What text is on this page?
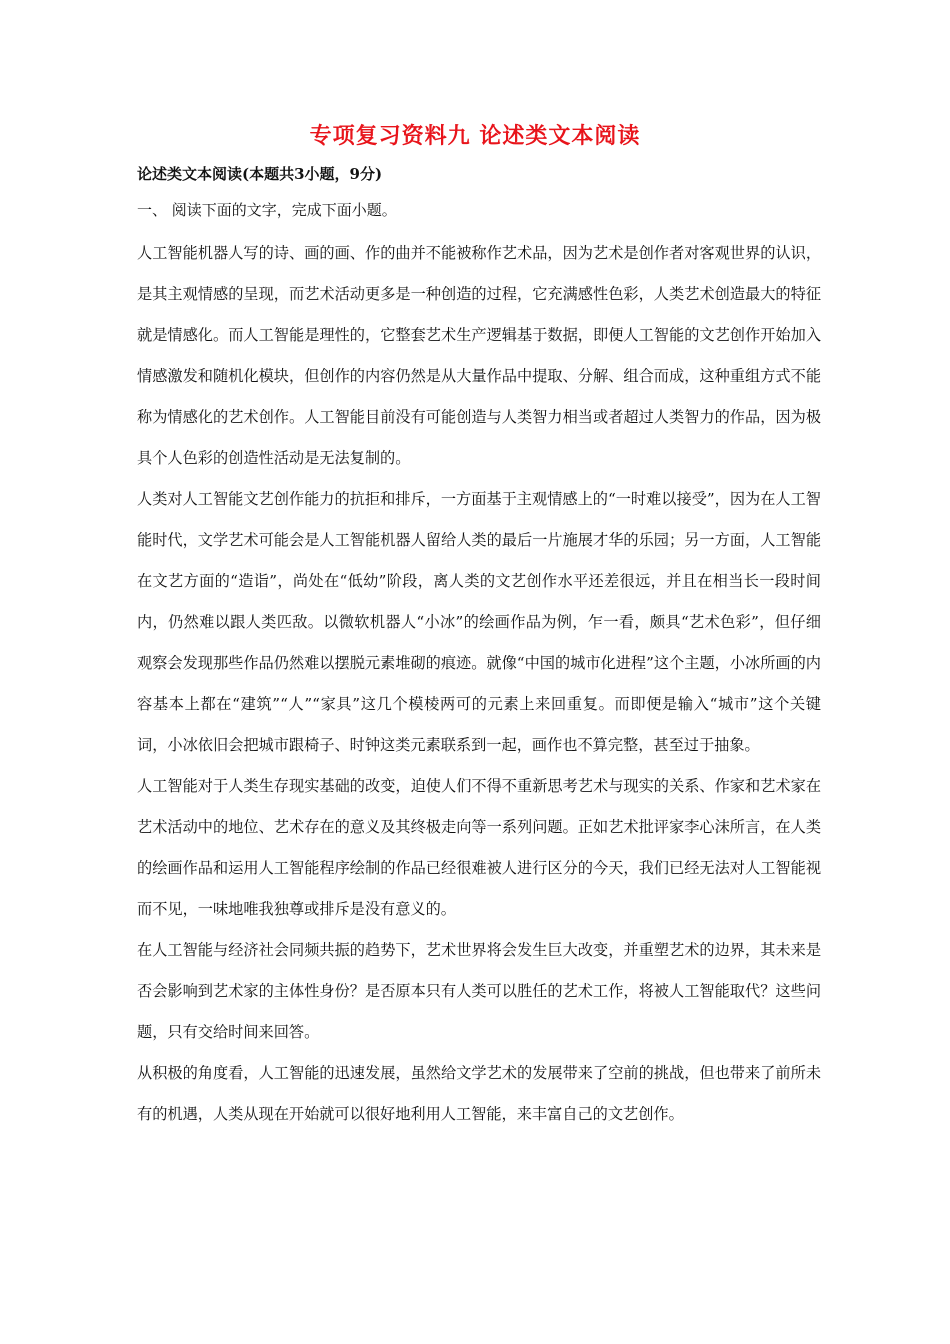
专项复习资料九 论述类文本阅读
论述类文本阅读(本题共3小题，9分)
一、 阅读下面的文字，完成下面小题。

人工智能机器人写的诗、画的画、作的曲并不能被称作艺术品，因为艺术是创作者对客观世界的认识，是其主观情感的呈现，而艺术活动更多是一种创造的过程，它充满感性色彩，人类艺术创造最大的特征就是情感化。而人工智能是理性的，它整套艺术生产逻辑基于数据，即便人工智能的文艺创作开始加入情感激发和随机化模块，但创作的内容仍然是从大量作品中提取、分解、组合而成，这种重组方式不能称为情感化的艺术创作。人工智能目前没有可能创造与人类智力相当或者超过人类智力的作品，因为极具个人色彩的创造性活动是无法复制的。

人类对人工智能文艺创作能力的抗拒和排斥，一方面基于主观情感上的“一时难以接受”，因为在人工智能时代，文学艺术可能会是人工智能机器人留给人类的最后一片施展才华的乐园；另一方面，人工智能在文艺方面的“造诣”，尚处在“低幼”阶段，离人类的文艺创作水平还差很远，并且在相当长一段时间内，仍然难以跟人类匹敌。以微软机器人“小冰”的绘画作品为例，乍一看，颇具“艺术色彩”，但仔细观察会发现那些作品仍然难以摆脱元素堆砌的痕迹。就像“中国的城市化进程”这个主题，小冰所画的内容基本上都在“建筑”“人”“家具”这几个模棱两可的元素上来回重复。而即便是输入“城市”这个关键词，小冰依旧会把城市跟椅子、时钟这类元素联系到一起，画作也不算完整，甚至过于抽象。

人工智能对于人类生存现实基础的改变，迫使人们不得不重新思考艺术与现实的关系、作家和艺术家在艺术活动中的地位、艺术存在的意义及其终极走向等一系列问题。正如艺术批评家李心沫所言，在人类的绘画作品和运用人工智能程序绘制的作品已经很难被人进行区分的今天，我们已经无法对人工智能视而不见，一味地唯我独尊或排斥是没有意义的。

在人工智能与经济社会同频共振的趋势下，艺术世界将会发生巨大改变，并重塑艺术的边界，其未来是否会影响到艺术家的主体性身份？是否原本只有人类可以胜任的艺术工作，将被人工智能取代？这些问题，只有交给时间来回答。

从积极的角度看，人工智能的迅速发展，虽然给文学艺术的发展带来了空前的挑战，但也带来了前所未有的机遇，人类从现在开始就可以很好地利用人工智能，来丰富自己的文艺创作。
